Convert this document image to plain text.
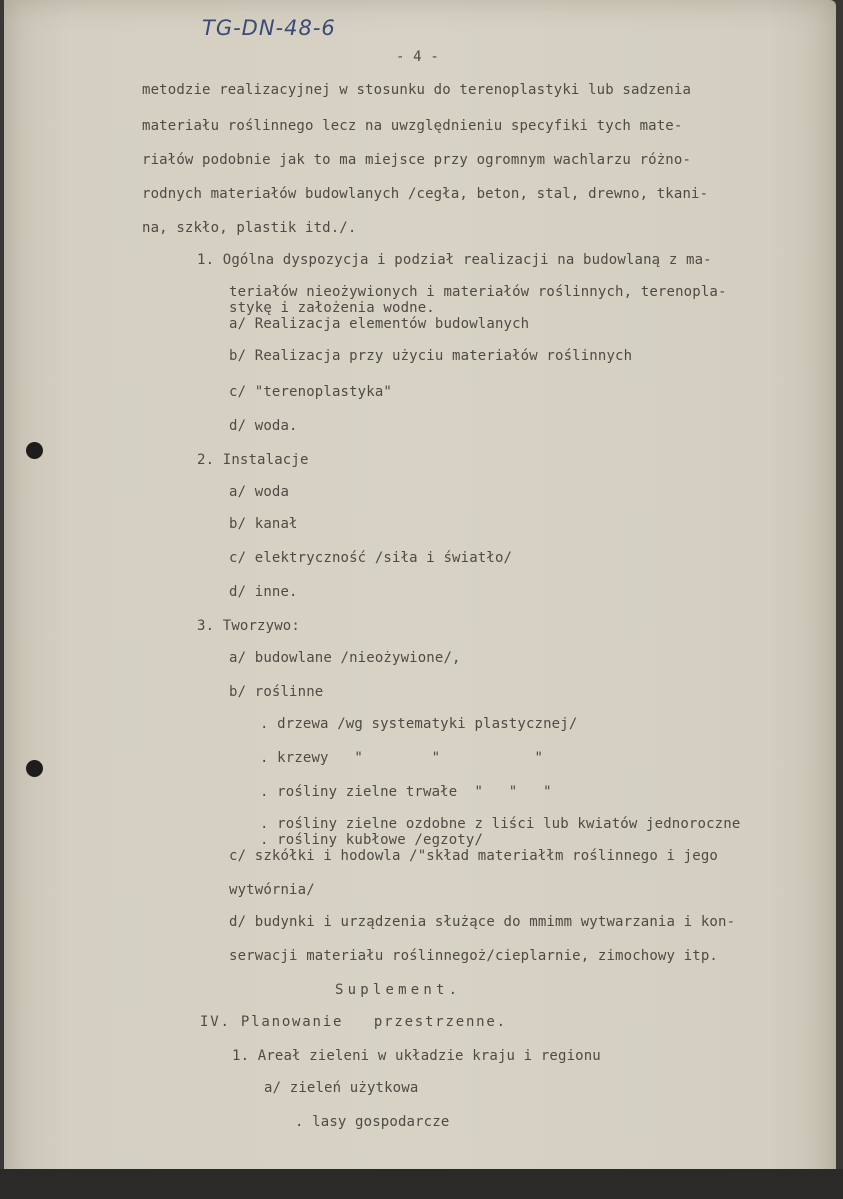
TG-DN-48-6
- 4 -
metodzie realizacyjnej w stosunku do terenoplastyki lub sadzenia
materiału roślinnego lecz na uwzględnieniu specyfiki tych mate-
riałów podobnie jak to ma miejsce przy ogromnym wachlarzu różno-
rodnych materiałów budowlanych /cegła, beton, stal, drewno, tkani-
na, szkło, plastik itd./.
1. Ogólna dyspozycja i podział realizacji na budowlaną z ma-
teriałów nieożywionych i materiałów roślinnych, terenopla-
stykę i założenia wodne.
a/ Realizacja elementów budowlanych
b/ Realizacja przy użyciu materiałów roślinnych
c/ "terenoplastyka"
d/ woda.
2. Instalacje
a/ woda
b/ kanał
c/ elektryczność /siła i światło/
d/ inne.
3. Tworzywo:
a/ budowlane /nieożywione/,
b/ roślinne
. drzewa /wg systematyki plastycznej/
. krzewy   "        "           "
. rośliny zielne trwałe  "   "   "
. rośliny zielne ozdobne z liści lub kwiatów jednoroczne
. rośliny kubłowe /egzoty/
c/ szkółki i hodowla /"skład materiałłm roślinnego i jego
wytwórnia/
d/ budynki i urządzenia służące do mmimm wytwarzania i kon-
serwacji materiału roślinnegoż/cieplarnie, zimochowy itp.
Suplement.
IV. Planowanie   przestrzenne.
1. Areał zieleni w układzie kraju i regionu
a/ zieleń użytkowa
. lasy gospodarcze
